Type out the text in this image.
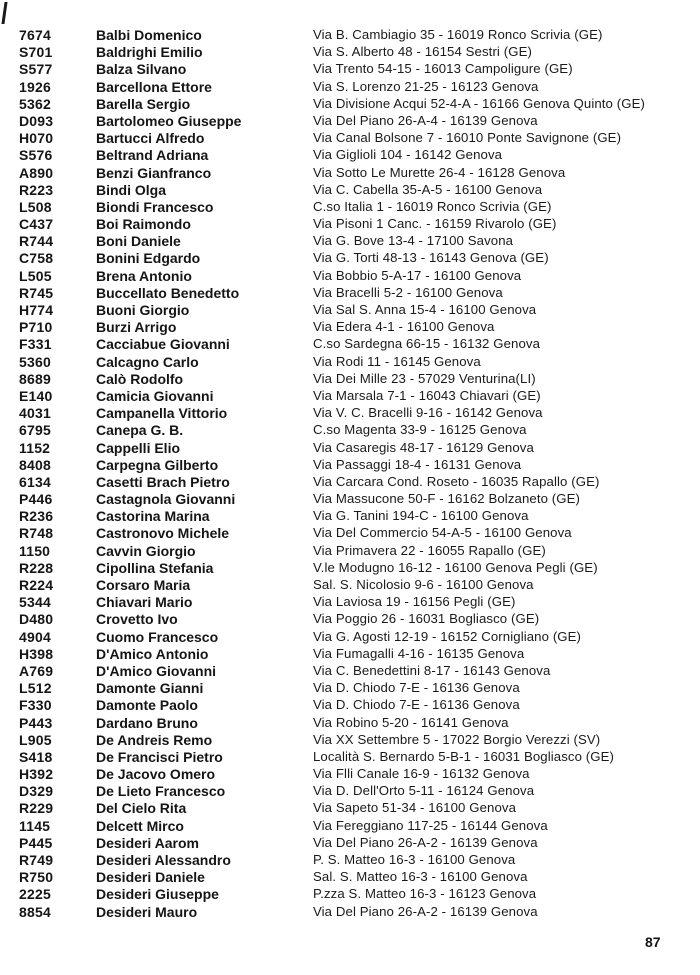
7674	Balbi Domenico	Via B. Cambiagio 35 - 16019 Ronco Scrivia (GE)
S701	Baldrighi Emilio	Via S. Alberto 48 - 16154 Sestri (GE)
S577	Balza Silvano	Via Trento 54-15 - 16013 Campoligure (GE)
1926	Barcellona Ettore	Via S. Lorenzo 21-25 - 16123 Genova
5362	Barella Sergio	Via Divisione Acqui 52-4-A - 16166 Genova Quinto (GE)
D093	Bartolomeo Giuseppe	Via Del Piano 26-A-4 - 16139 Genova
H070	Bartucci Alfredo	Via Canal Bolsone 7 - 16010 Ponte Savignone (GE)
S576	Beltrand Adriana	Via Giglioli 104 - 16142 Genova
A890	Benzi Gianfranco	Via Sotto Le Murette 26-4 - 16128 Genova
R223	Bindi Olga	Via C. Cabella 35-A-5 - 16100 Genova
L508	Biondi Francesco	C.so Italia 1 - 16019 Ronco Scrivia (GE)
C437	Boi Raimondo	Via Pisoni 1 Canc. - 16159 Rivarolo (GE)
R744	Boni Daniele	Via G. Bove 13-4 - 17100 Savona
C758	Bonini Edgardo	Via G. Torti 48-13 - 16143 Genova (GE)
L505	Brena Antonio	Via Bobbio 5-A-17 - 16100 Genova
R745	Buccellato Benedetto	Via Bracelli 5-2 - 16100 Genova
H774	Buoni Giorgio	Via Sal S. Anna 15-4 - 16100 Genova
P710	Burzi Arrigo	Via Edera 4-1 - 16100 Genova
F331	Cacciabue Giovanni	C.so Sardegna 66-15 - 16132 Genova
5360	Calcagno Carlo	Via Rodi 11 - 16145 Genova
8689	Calò Rodolfo	Via Dei Mille 23 - 57029 Venturina(LI)
E140	Camicia Giovanni	Via Marsala 7-1 - 16043 Chiavari (GE)
4031	Campanella Vittorio	Via V. C. Bracelli 9-16 - 16142 Genova
6795	Canepa G. B.	C.so Magenta 33-9 - 16125 Genova
1152	Cappelli Elio	Via Casaregis 48-17 - 16129 Genova
8408	Carpegna Gilberto	Via Passaggi 18-4 - 16131 Genova
6134	Casetti Brach Pietro	Via Carcara Cond. Roseto - 16035 Rapallo (GE)
P446	Castagnola Giovanni	Via Massucone 50-F - 16162 Bolzaneto (GE)
R236	Castorina Marina	Via G. Tanini 194-C - 16100 Genova
R748	Castronovo Michele	Via Del Commercio 54-A-5 - 16100 Genova
1150	Cavvin Giorgio	Via Primavera 22 - 16055 Rapallo (GE)
R228	Cipollina Stefania	V.le Modugno 16-12 - 16100 Genova Pegli (GE)
R224	Corsaro Maria	Sal. S. Nicolosio 9-6 - 16100 Genova
5344	Chiavari Mario	Via Laviosa 19 - 16156 Pegli (GE)
D480	Crovetto Ivo	Via Poggio 26 - 16031 Bogliasco (GE)
4904	Cuomo Francesco	Via G. Agosti 12-19 - 16152 Cornigliano (GE)
H398	D'Amico Antonio	Via Fumagalli 4-16 - 16135 Genova
A769	D'Amico Giovanni	Via C. Benedettini 8-17 - 16143 Genova
L512	Damonte Gianni	Via D. Chiodo 7-E - 16136 Genova
F330	Damonte Paolo	Via D. Chiodo 7-E - 16136 Genova
P443	Dardano Bruno	Via Robino 5-20 - 16141 Genova
L905	De Andreis Remo	Via XX Settembre 5 - 17022 Borgio Verezzi (SV)
S418	De Francisci Pietro	Località S. Bernardo 5-B-1 - 16031 Bogliasco (GE)
H392	De Jacovo Omero	Via Flli Canale 16-9 - 16132 Genova
D329	De Lieto Francesco	Via D. Dell'Orto 5-11 - 16124 Genova
R229	Del Cielo Rita	Via Sapeto 51-34 - 16100 Genova
1145	Delcett Mirco	Via Fereggiano 117-25 - 16144 Genova
P445	Desideri Aarom	Via Del Piano 26-A-2 - 16139 Genova
R749	Desideri Alessandro	P. S. Matteo 16-3 - 16100 Genova
R750	Desideri Daniele	Sal. S. Matteo 16-3 - 16100 Genova
2225	Desideri Giuseppe	P.zza S. Matteo 16-3 - 16123 Genova
8854	Desideri Mauro	Via Del Piano 26-A-2 - 16139 Genova
87
